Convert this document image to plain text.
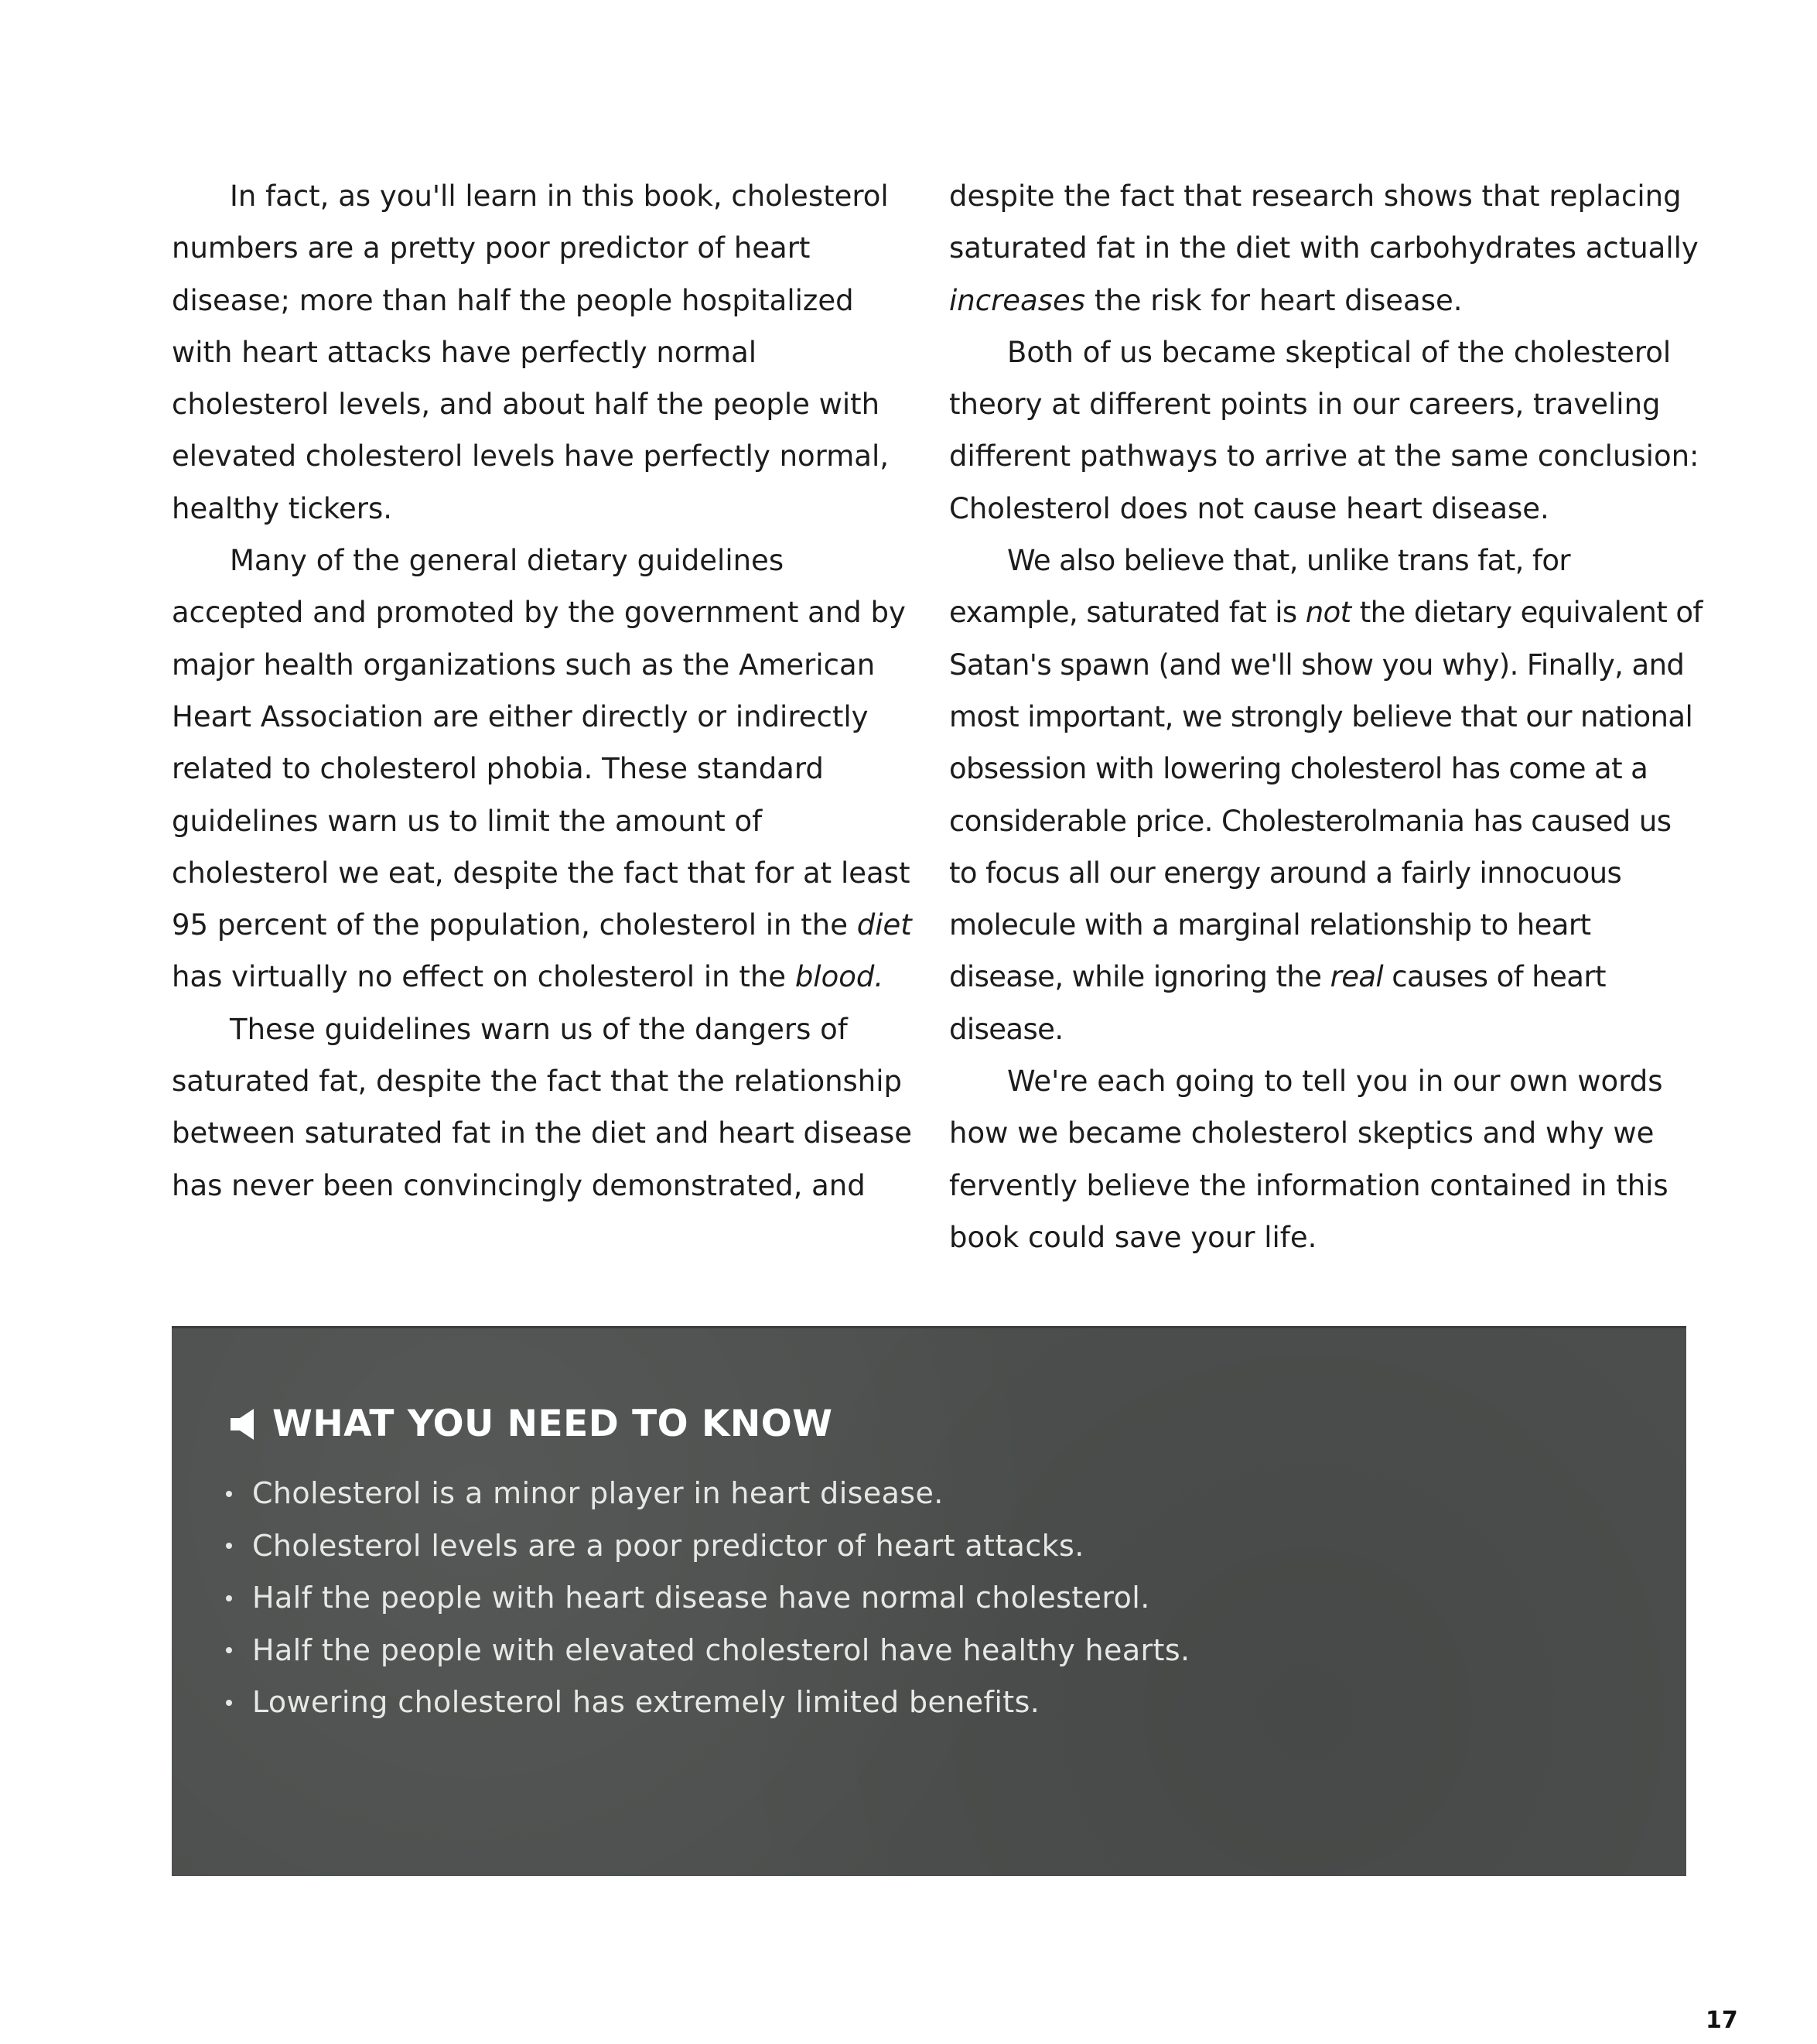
In fact, as you'll learn in this book, cholesterol numbers are a pretty poor predictor of heart disease; more than half the people hospitalized with heart attacks have perfectly normal cholesterol levels, and about half the people with elevated cholesterol levels have perfectly normal, healthy tickers.

Many of the general dietary guidelines accepted and promoted by the government and by major health organizations such as the American Heart Association are either directly or indirectly related to cholesterol phobia. These standard guidelines warn us to limit the amount of cholesterol we eat, despite the fact that for at least 95 percent of the population, cholesterol in the diet has virtually no effect on cholesterol in the blood.

These guidelines warn us of the dangers of saturated fat, despite the fact that the relationship between saturated fat in the diet and heart disease has never been convincingly demonstrated, and

despite the fact that research shows that replacing saturated fat in the diet with carbohydrates actually increases the risk for heart disease.

Both of us became skeptical of the cholesterol theory at different points in our careers, traveling different pathways to arrive at the same conclusion: Cholesterol does not cause heart disease.

We also believe that, unlike trans fat, for example, saturated fat is not the dietary equivalent of Satan's spawn (and we'll show you why). Finally, and most important, we strongly believe that our national obsession with lowering cholesterol has come at a considerable price. Cholesterolmania has caused us to focus all our energy around a fairly innocuous molecule with a marginal relationship to heart disease, while ignoring the real causes of heart disease.

We're each going to tell you in our own words how we became cholesterol skeptics and why we fervently believe the information contained in this book could save your life.

WHAT YOU NEED TO KNOW
Cholesterol is a minor player in heart disease.
Cholesterol levels are a poor predictor of heart attacks.
Half the people with heart disease have normal cholesterol.
Half the people with elevated cholesterol have healthy hearts.
Lowering cholesterol has extremely limited benefits.
17
